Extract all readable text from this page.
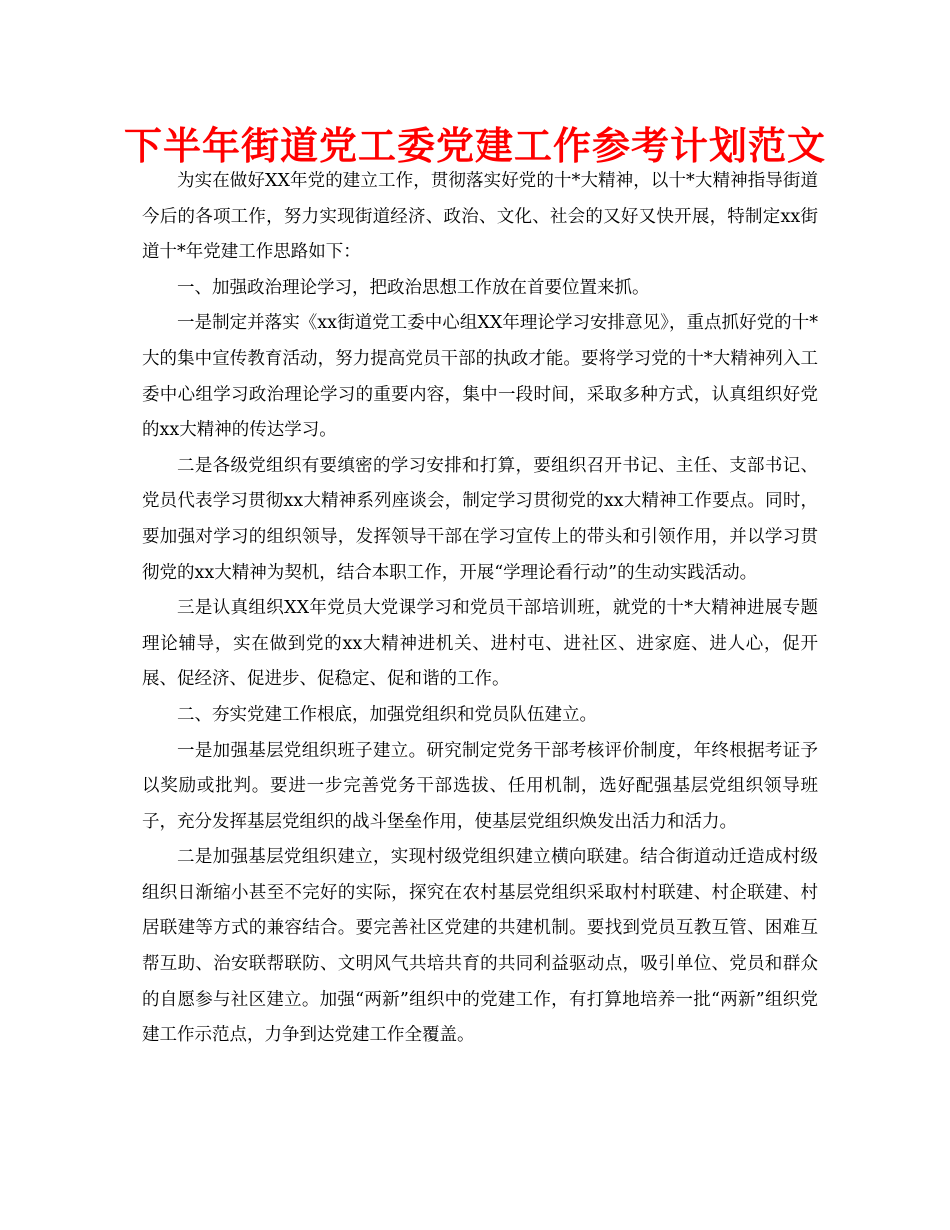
下半年街道党工委党建工作参考计划范文

为实在做好XX年党的建立工作，贯彻落实好党的十*大精神，以十*大精神指导街道今后的各项工作，努力实现街道经济、政治、文化、社会的又好又快开展，特制定xx街道十*年党建工作思路如下：

一、加强政治理论学习，把政治思想工作放在首要位置来抓。

一是制定并落实《xx街道党工委中心组XX年理论学习安排意见》，重点抓好党的十*大的集中宣传教育活动，努力提高党员干部的执政才能。要将学习党的十*大精神列入工委中心组学习政治理论学习的重要内容，集中一段时间，采取多种方式，认真组织好党的xx大精神的传达学习。

二是各级党组织有要缜密的学习安排和打算，要组织召开书记、主任、支部书记、党员代表学习贯彻xx大精神系列座谈会，制定学习贯彻党的xx大精神工作要点。同时，要加强对学习的组织领导，发挥领导干部在学习宣传上的带头和引领作用，并以学习贯彻党的xx大精神为契机，结合本职工作，开展“学理论看行动”的生动实践活动。

三是认真组织XX年党员大党课学习和党员干部培训班，就党的十*大精神进展专题理论辅导，实在做到党的xx大精神进机关、进村屯、进社区、进家庭、进人心，促开展、促经济、促进步、促稳定、促和谐的工作。

二、夯实党建工作根底，加强党组织和党员队伍建立。

一是加强基层党组织班子建立。研究制定党务干部考核评价制度，年终根据考证予以奖励或批判。要进一步完善党务干部选拔、任用机制，选好配强基层党组织领导班子，充分发挥基层党组织的战斗堡垒作用，使基层党组织焕发出活力和活力。

二是加强基层党组织建立，实现村级党组织建立横向联建。结合街道动迁造成村级组织日渐缩小甚至不完好的实际，探究在农村基层党组织采取村村联建、村企联建、村居联建等方式的兼容结合。要完善社区党建的共建机制。要找到党员互教互管、困难互帮互助、治安联帮联防、文明风气共培共育的共同利益驱动点，吸引单位、党员和群众的自愿参与社区建立。加强“两新”组织中的党建工作，有打算地培养一批“两新”组织党建工作示范点，力争到达党建工作全覆盖。
